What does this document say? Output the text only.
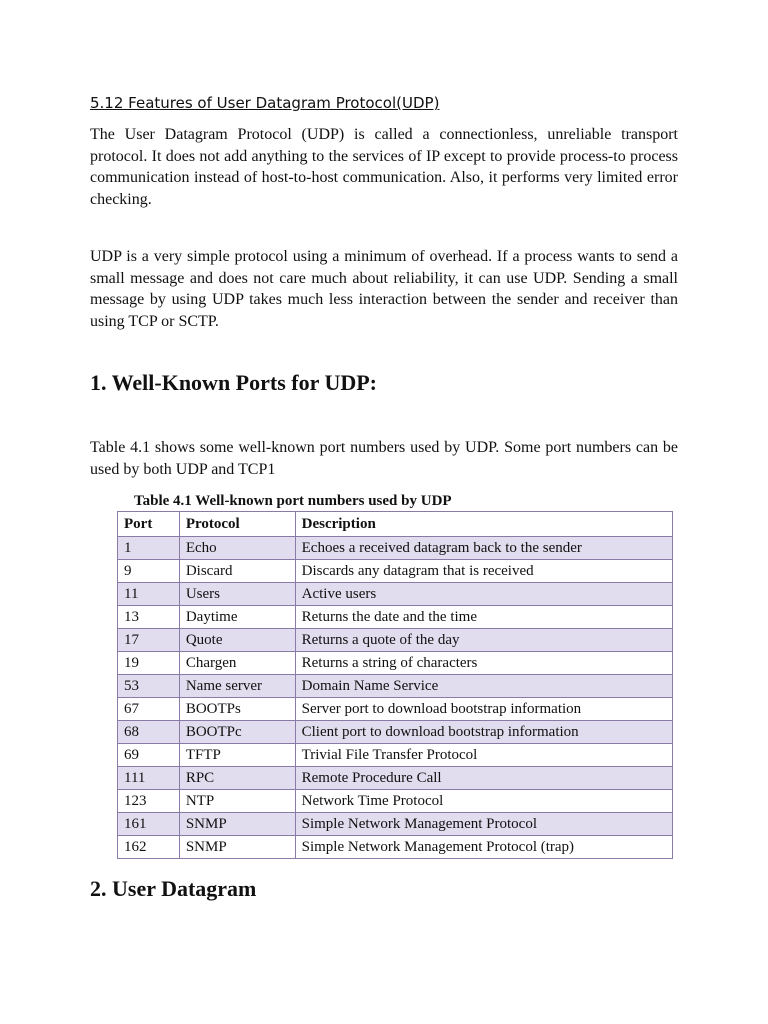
5.12 Features of User Datagram Protocol(UDP)

The User Datagram Protocol (UDP) is called a connectionless, unreliable transport protocol. It does not add anything to the services of IP except to provide process-to process communication instead of host-to-host communication. Also, it performs very limited error checking.

UDP is a very simple protocol using a minimum of overhead. If a process wants to send a small message and does not care much about reliability, it can use UDP. Sending a small message by using UDP takes much less interaction between the sender and receiver than using TCP or SCTP.

1. Well-Known Ports for UDP:

Table 4.1 shows some well-known port numbers used by UDP. Some port numbers can be used by both UDP and TCP1

Table 4.1 Well-known port numbers used by UDP
Port	Protocol	Description
1	Echo	Echoes a received datagram back to the sender
9	Discard	Discards any datagram that is received
11	Users	Active users
13	Daytime	Returns the date and the time
17	Quote	Returns a quote of the day
19	Chargen	Returns a string of characters
53	Name server	Domain Name Service
67	BOOTPs	Server port to download bootstrap information
68	BOOTPc	Client port to download bootstrap information
69	TFTP	Trivial File Transfer Protocol
111	RPC	Remote Procedure Call
123	NTP	Network Time Protocol
161	SNMP	Simple Network Management Protocol
162	SNMP	Simple Network Management Protocol (trap)
2. User Datagram
